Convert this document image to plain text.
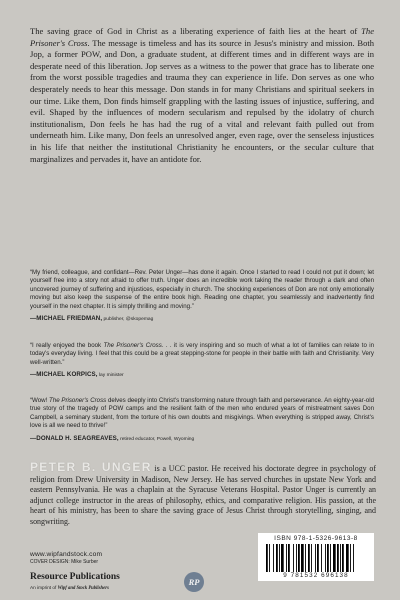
The saving grace of God in Christ as a liberating experience of faith lies at the heart of The Prisoner's Cross. The message is timeless and has its source in Jesus's ministry and mission. Both Jop, a former POW, and Don, a graduate student, at different times and in different ways are in desperate need of this liberation. Jop serves as a witness to the power that grace has to liberate one from the worst possible tragedies and trauma they can experience in life. Don serves as one who desperately needs to hear this message. Don stands in for many Christians and spiritual seekers in our time. Like them, Don finds himself grappling with the lasting issues of injustice, suffering, and evil. Shaped by the influences of modern secularism and repulsed by the idolatry of church institutionalism, Don feels he has had the rug of a vital and relevant faith pulled out from underneath him. Like many, Don feels an unresolved anger, even rage, over the senseless injustices in his life that neither the institutional Christianity he encounters, or the secular culture that marginalizes and pervades it, have an antidote for.

“My friend, colleague, and confidant—Rev. Peter Unger—has done it again. Once I started to read I could not put it down; let yourself free into a story not afraid to offer truth. Unger does an incredible work taking the reader through a dark and often uncovered journey of suffering and injustices, especially in church. The shocking experiences of Don are not only emotionally moving but also keep the suspense of the entire book high. Reading one chapter, you seamlessly and inadvertently find yourself in the next chapter. It is simply thrilling and moving.”

—MICHAEL FRIEDMAN, publisher, @skopemag

“I really enjoyed the book The Prisoner's Cross. . . it is very inspiring and so much of what a lot of families can relate to in today's everyday living. I feel that this could be a great stepping-stone for people in their battle with faith and Christianity. Very well-written.”

—MICHAEL KORPICS, lay minister

“Wow! The Prisoner's Cross delves deeply into Christ's transforming nature through faith and perseverance. An eighty-year-old true story of the tragedy of POW camps and the resilient faith of the men who endured years of mistreatment saves Don Campbell, a seminary student, from the torture of his own doubts and misgivings. When everything is stripped away, Christ's love is all we need to thrive!”

—DONALD H. SEAGREAVES, retired educator, Powell, Wyoming
PETER B. UNGER is a UCC pastor. He received his doctorate degree in psychology of religion from Drew University in Madison, New Jersey. He has served churches in upstate New York and eastern Pennsylvania. He was a chaplain at the Syracuse Veterans Hospital. Pastor Unger is currently an adjunct college instructor in the areas of philosophy, ethics, and comparative religion. His passion, at the heart of his ministry, has been to share the saving grace of Jesus Christ through storytelling, singing, and songwriting.
www.wipfandstock.com
COVER DESIGN: Mike Surber
Resource Publications
An imprint of Wipf and Stock Publishers
RP
ISBN 978-1-5326-9613-8
9 781532 696138
